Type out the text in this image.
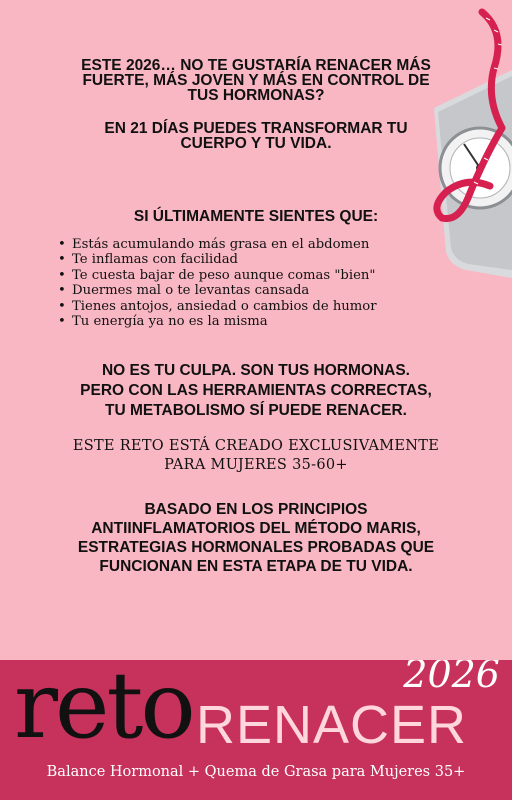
ESTE 2026… NO TE GUSTARÍA RENACER MÁS
FUERTE, MÁS JOVEN Y MÁS EN CONTROL DE
TUS HORMONAS?

EN 21 DÍAS PUEDES TRANSFORMAR TU
CUERPO Y TU VIDA.

SI ÚLTIMAMENTE SIENTES QUE:
• Estás acumulando más grasa en el abdomen
• Te inflamas con facilidad
• Te cuesta bajar de peso aunque comas "bien"
• Duermes mal o te levantas cansada
• Tienes antojos, ansiedad o cambios de humor
• Tu energía ya no es la misma
NO ES TU CULPA. SON TUS HORMONAS.
PERO CON LAS HERRAMIENTAS CORRECTAS,
TU METABOLISMO SÍ PUEDE RENACER.
ESTE RETO ESTÁ CREADO EXCLUSIVAMENTE
PARA MUJERES 35-60+
BASADO EN LOS PRINCIPIOS
ANTIINFLAMATORIOS DEL MÉTODO MARIS,
ESTRATEGIAS HORMONALES PROBADAS QUE
FUNCIONAN EN ESTA ETAPA DE TU VIDA.
2026
reto RENACER
Balance Hormonal + Quema de Grasa para Mujeres 35+
